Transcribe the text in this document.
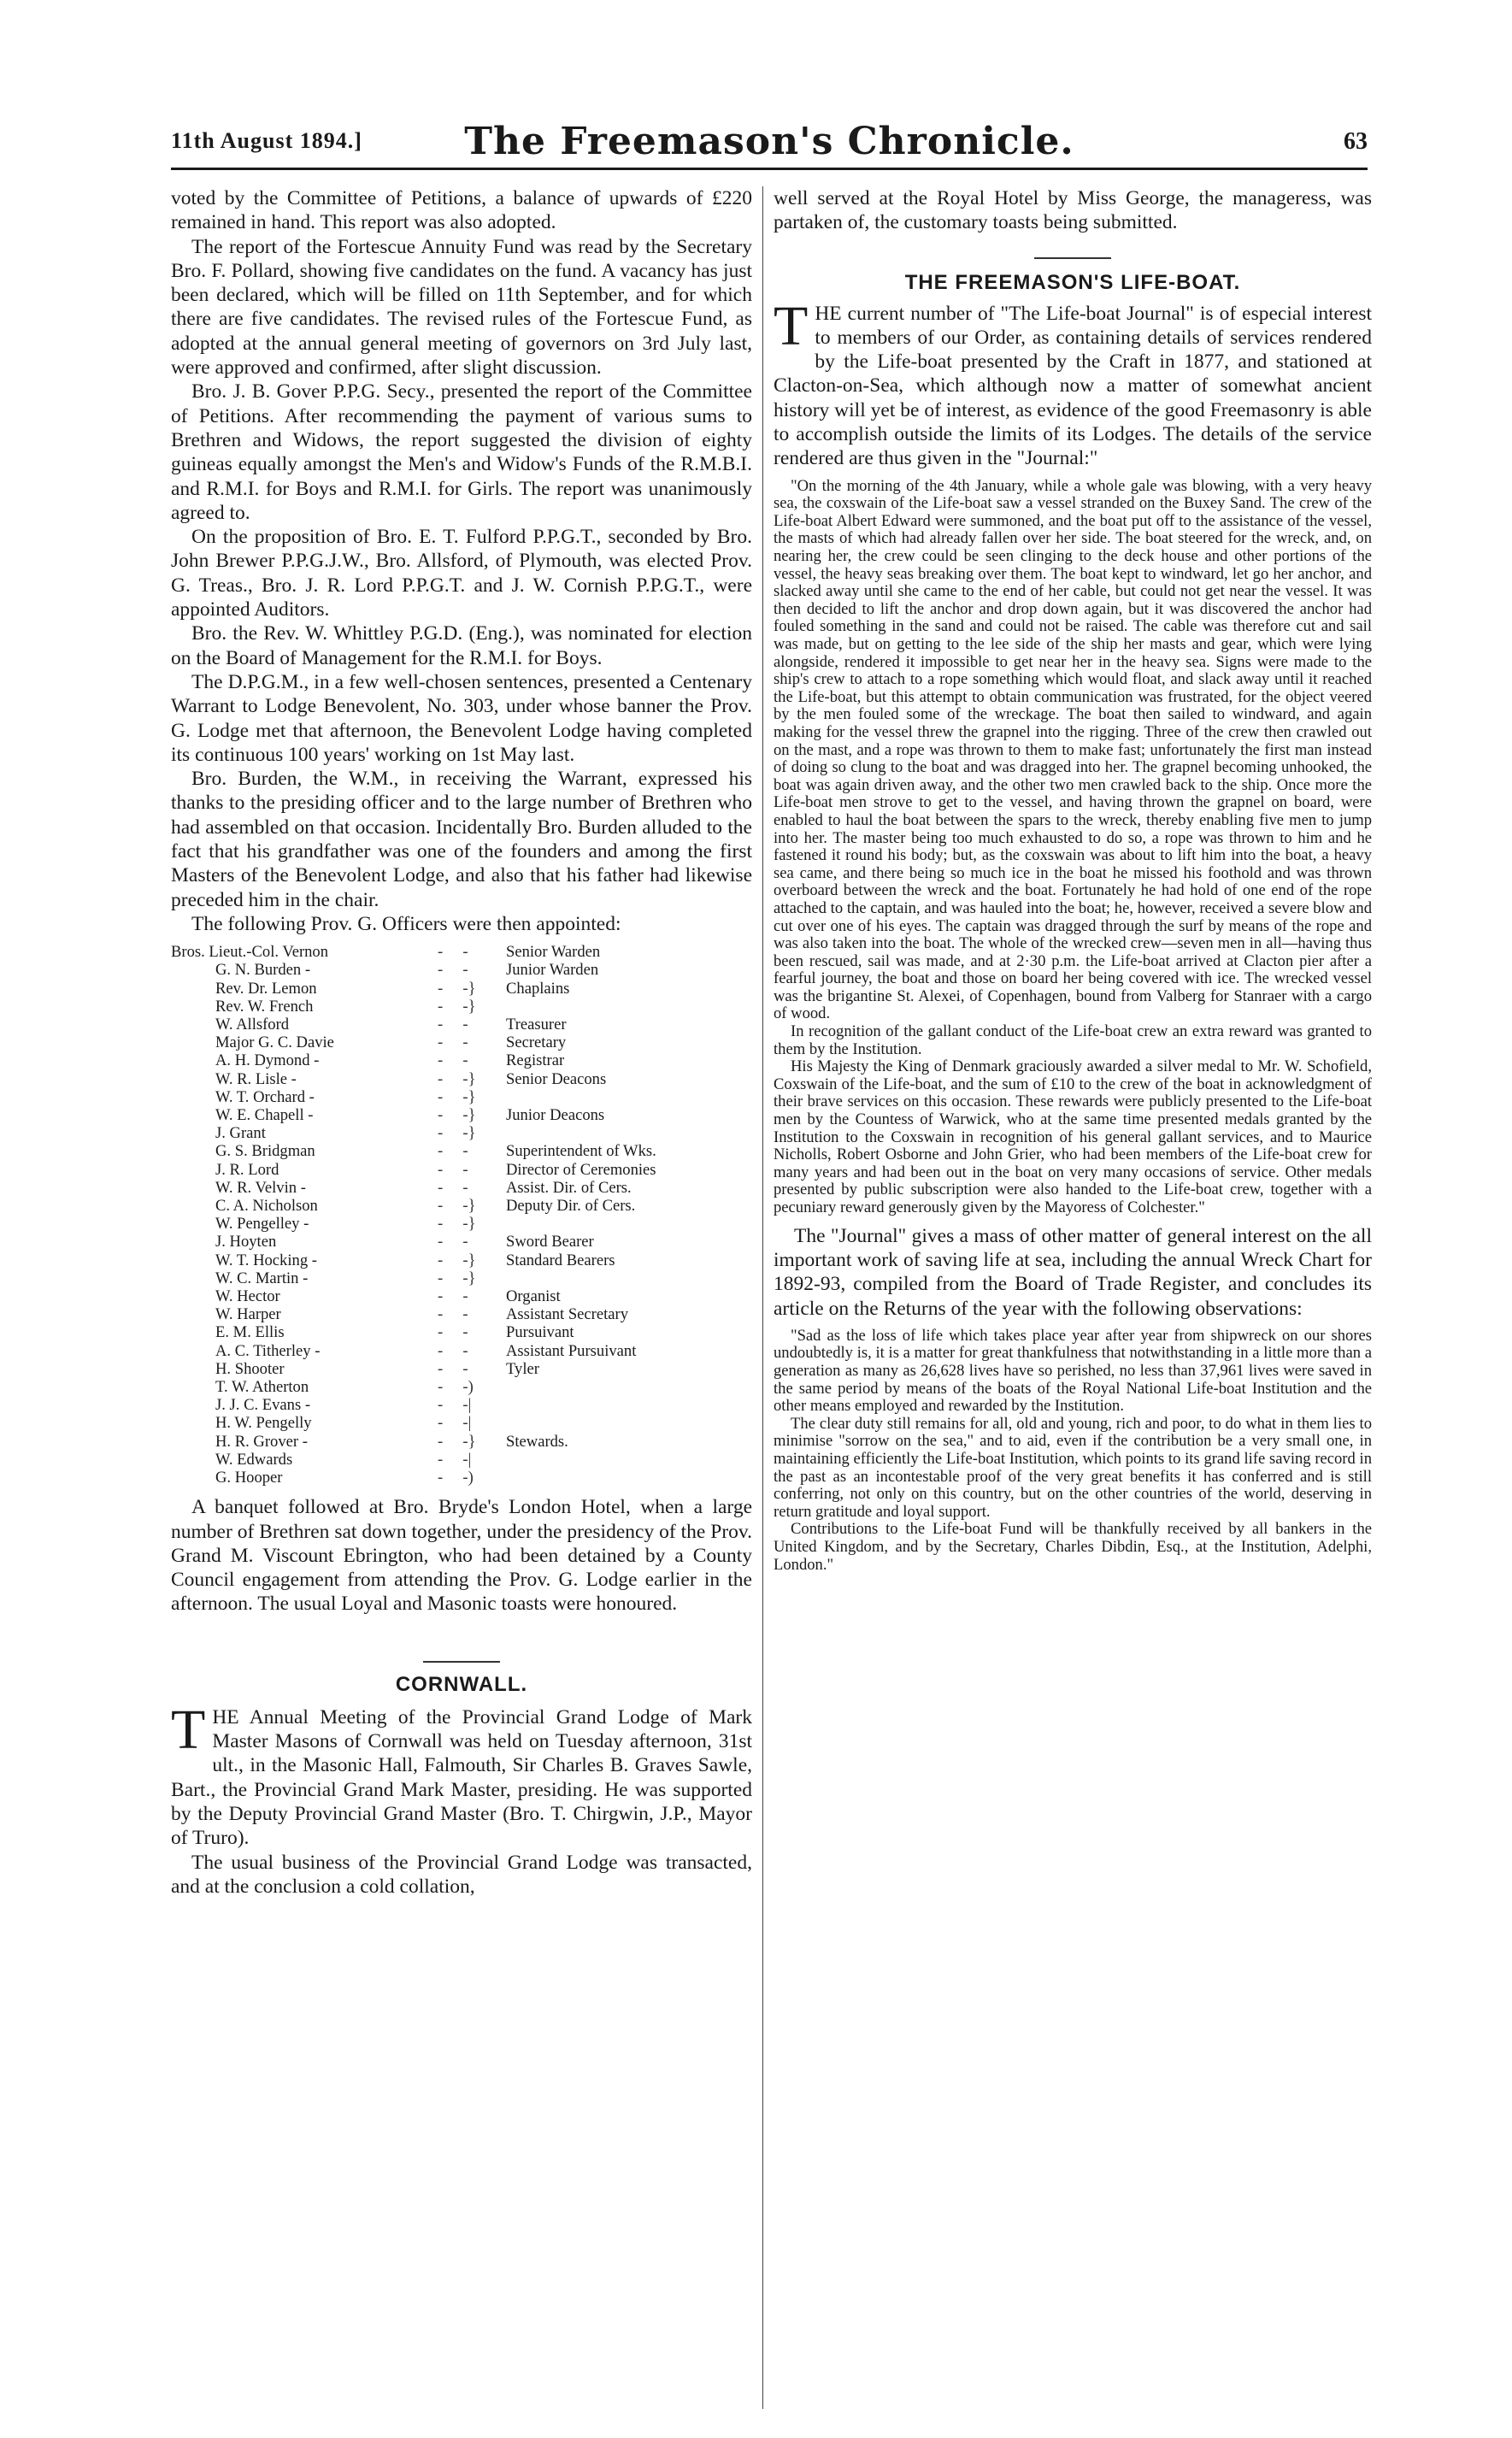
11th August 1894.]	The Freemason's Chronicle.	63

voted by the Committee of Petitions, a balance of upwards of £220 remained in hand. This report was also adopted.

The report of the Fortescue Annuity Fund was read by the Secretary Bro. F. Pollard, showing five candidates on the fund. A vacancy has just been declared, which will be filled on 11th September, and for which there are five candidates. The revised rules of the Fortescue Fund, as adopted at the annual general meeting of governors on 3rd July last, were approved and confirmed, after slight discussion.

Bro. J. B. Gover P.P.G. Secy., presented the report of the Committee of Petitions. After recommending the payment of various sums to Brethren and Widows, the report suggested the division of eighty guineas equally amongst the Men's and Widow's Funds of the R.M.B.I. and R.M.I. for Boys and R.M.I. for Girls. The report was unanimously agreed to.

On the proposition of Bro. E. T. Fulford P.P.G.T., seconded by Bro. John Brewer P.P.G.J.W., Bro. Allsford, of Plymouth, was elected Prov. G. Treas., Bro. J. R. Lord P.P.G.T. and J. W. Cornish P.P.G.T., were appointed Auditors.

Bro. the Rev. W. Whittley P.G.D. (Eng.), was nominated for election on the Board of Management for the R.M.I. for Boys.

The D.P.G.M., in a few well-chosen sentences, presented a Centenary Warrant to Lodge Benevolent, No. 303, under whose banner the Prov. G. Lodge met that afternoon, the Benevolent Lodge having completed its continuous 100 years' working on 1st May last.

Bro. Burden, the W.M., in receiving the Warrant, expressed his thanks to the presiding officer and to the large number of Brethren who had assembled on that occasion. Incidentally Bro. Burden alluded to the fact that his grandfather was one of the founders and among the first Masters of the Benevolent Lodge, and also that his father had likewise preceded him in the chair.

The following Prov. G. Officers were then appointed:

Bros. Lieut.-Col. Vernon	-     -	Senior Warden
G. N. Burden -	-     -	Junior Warden
Rev. Dr. Lemon	-     -}	Chaplains
Rev. W. French	-     -}	
W. Allsford	-     -	Treasurer
Major G. C. Davie	-     -	Secretary
A. H. Dymond -	-     -	Registrar
W. R. Lisle -	-     -}	Senior Deacons
W. T. Orchard -	-     -}	
W. E. Chapell -	-     -}	Junior Deacons
J. Grant	-     -}	
G. S. Bridgman	-     -	Superintendent of Wks.
J. R. Lord	-     -	Director of Ceremonies
W. R. Velvin -	-     -	Assist. Dir. of Cers.
C. A. Nicholson	-     -}	Deputy Dir. of Cers.
W. Pengelley -	-     -}	
J. Hoyten	-     -	Sword Bearer
W. T. Hocking -	-     -}	Standard Bearers
W. C. Martin -	-     -}	
W. Hector	-     -	Organist
W. Harper	-     -	Assistant Secretary
E. M. Ellis	-     -	Pursuivant
A. C. Titherley -	-     -	Assistant Pursuivant
H. Shooter	-     -	Tyler
T. W. Atherton	-     -)	
J. J. C. Evans -	-     -|	
H. W. Pengelly	-     -|	
H. R. Grover -	-     -}	Stewards.
W. Edwards	-     -|	
G. Hooper	-     -)	

A banquet followed at Bro. Bryde's London Hotel, when a large number of Brethren sat down together, under the presidency of the Prov. Grand M. Viscount Ebrington, who had been detained by a County Council engagement from attending the Prov. G. Lodge earlier in the afternoon. The usual Loyal and Masonic toasts were honoured.

CORNWALL.

THE Annual Meeting of the Provincial Grand Lodge of Mark Master Masons of Cornwall was held on Tuesday afternoon, 31st ult., in the Masonic Hall, Falmouth, Sir Charles B. Graves Sawle, Bart., the Provincial Grand Mark Master, presiding. He was supported by the Deputy Provincial Grand Master (Bro. T. Chirgwin, J.P., Mayor of Truro).

The usual business of the Provincial Grand Lodge was transacted, and at the conclusion a cold collation,

well served at the Royal Hotel by Miss George, the manageress, was partaken of, the customary toasts being submitted.

THE FREEMASON'S LIFE-BOAT.

THE current number of "The Life-boat Journal" is of especial interest to members of our Order, as containing details of services rendered by the Life-boat presented by the Craft in 1877, and stationed at Clacton-on-Sea, which although now a matter of somewhat ancient history will yet be of interest, as evidence of the good Freemasonry is able to accomplish outside the limits of its Lodges. The details of the service rendered are thus given in the "Journal:"

"On the morning of the 4th January, while a whole gale was blowing, with a very heavy sea, the coxswain of the Life-boat saw a vessel stranded on the Buxey Sand. The crew of the Life-boat Albert Edward were summoned, and the boat put off to the assistance of the vessel, the masts of which had already fallen over her side. The boat steered for the wreck, and, on nearing her, the crew could be seen clinging to the deck house and other portions of the vessel, the heavy seas breaking over them. The boat kept to windward, let go her anchor, and slacked away until she came to the end of her cable, but could not get near the vessel. It was then decided to lift the anchor and drop down again, but it was discovered the anchor had fouled something in the sand and could not be raised. The cable was therefore cut and sail was made, but on getting to the lee side of the ship her masts and gear, which were lying alongside, rendered it impossible to get near her in the heavy sea. Signs were made to the ship's crew to attach to a rope something which would float, and slack away until it reached the Life-boat, but this attempt to obtain communication was frustrated, for the object veered by the men fouled some of the wreckage. The boat then sailed to windward, and again making for the vessel threw the grapnel into the rigging. Three of the crew then crawled out on the mast, and a rope was thrown to them to make fast; unfortunately the first man instead of doing so clung to the boat and was dragged into her. The grapnel becoming unhooked, the boat was again driven away, and the other two men crawled back to the ship. Once more the Life-boat men strove to get to the vessel, and having thrown the grapnel on board, were enabled to haul the boat between the spars to the wreck, thereby enabling five men to jump into her. The master being too much exhausted to do so, a rope was thrown to him and he fastened it round his body; but, as the coxswain was about to lift him into the boat, a heavy sea came, and there being so much ice in the boat he missed his foothold and was thrown overboard between the wreck and the boat. Fortunately he had hold of one end of the rope attached to the captain, and was hauled into the boat; he, however, received a severe blow and cut over one of his eyes. The captain was dragged through the surf by means of the rope and was also taken into the boat. The whole of the wrecked crew—seven men in all—having thus been rescued, sail was made, and at 2·30 p.m. the Life-boat arrived at Clacton pier after a fearful journey, the boat and those on board her being covered with ice. The wrecked vessel was the brigantine St. Alexei, of Copenhagen, bound from Valberg for Stanraer with a cargo of wood.

In recognition of the gallant conduct of the Life-boat crew an extra reward was granted to them by the Institution.

His Majesty the King of Denmark graciously awarded a silver medal to Mr. W. Schofield, Coxswain of the Life-boat, and the sum of £10 to the crew of the boat in acknowledgment of their brave services on this occasion. These rewards were publicly presented to the Life-boat men by the Countess of Warwick, who at the same time presented medals granted by the Institution to the Coxswain in recognition of his general gallant services, and to Maurice Nicholls, Robert Osborne and John Grier, who had been members of the Life-boat crew for many years and had been out in the boat on very many occasions of service. Other medals presented by public subscription were also handed to the Life-boat crew, together with a pecuniary reward generously given by the Mayoress of Colchester."

The "Journal" gives a mass of other matter of general interest on the all important work of saving life at sea, including the annual Wreck Chart for 1892-93, compiled from the Board of Trade Register, and concludes its article on the Returns of the year with the following observations:

"Sad as the loss of life which takes place year after year from shipwreck on our shores undoubtedly is, it is a matter for great thankfulness that notwithstanding in a little more than a generation as many as 26,628 lives have so perished, no less than 37,961 lives were saved in the same period by means of the boats of the Royal National Life-boat Institution and the other means employed and rewarded by the Institution.

The clear duty still remains for all, old and young, rich and poor, to do what in them lies to minimise "sorrow on the sea," and to aid, even if the contribution be a very small one, in maintaining efficiently the Life-boat Institution, which points to its grand life saving record in the past as an incontestable proof of the very great benefits it has conferred and is still conferring, not only on this country, but on the other countries of the world, deserving in return gratitude and loyal support.

Contributions to the Life-boat Fund will be thankfully received by all bankers in the United Kingdom, and by the Secretary, Charles Dibdin, Esq., at the Institution, Adelphi, London."
